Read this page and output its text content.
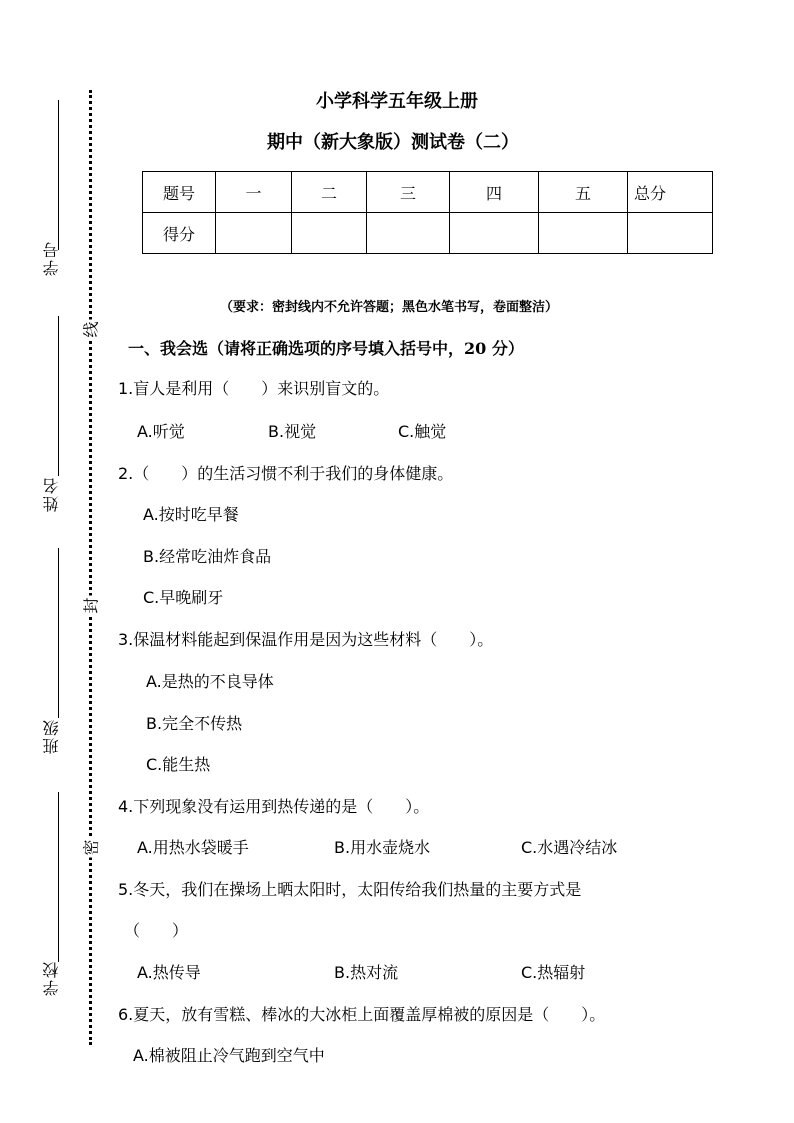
学号
姓名
班级
学校
线
封
密
小学科学五年级上册
期中（新大象版）测试卷（二）
题号	一	二	三	四	五	总分
得分						
（要求：密封线内不允许答题；黑色水笔书写，卷面整洁）
一、我会选（请将正确选项的序号填入括号中，20 分）
1.盲人是利用（　　）来识别盲文的。
A.听觉	B.视觉	C.触觉
2.（　　）的生活习惯不利于我们的身体健康。
A.按时吃早餐
B.经常吃油炸食品
C.早晚刷牙
3.保温材料能起到保温作用是因为这些材料（　　）。
A.是热的不良导体
B.完全不传热
C.能生热
4.下列现象没有运用到热传递的是（　　）。
A.用热水袋暖手	B.用水壶烧水	C.水遇冷结冰
5.冬天，我们在操场上晒太阳时，太阳传给我们热量的主要方式是
（　　）
A.热传导	B.热对流	C.热辐射
6.夏天，放有雪糕、棒冰的大冰柜上面覆盖厚棉被的原因是（　　）。
A.棉被阻止冷气跑到空气中
